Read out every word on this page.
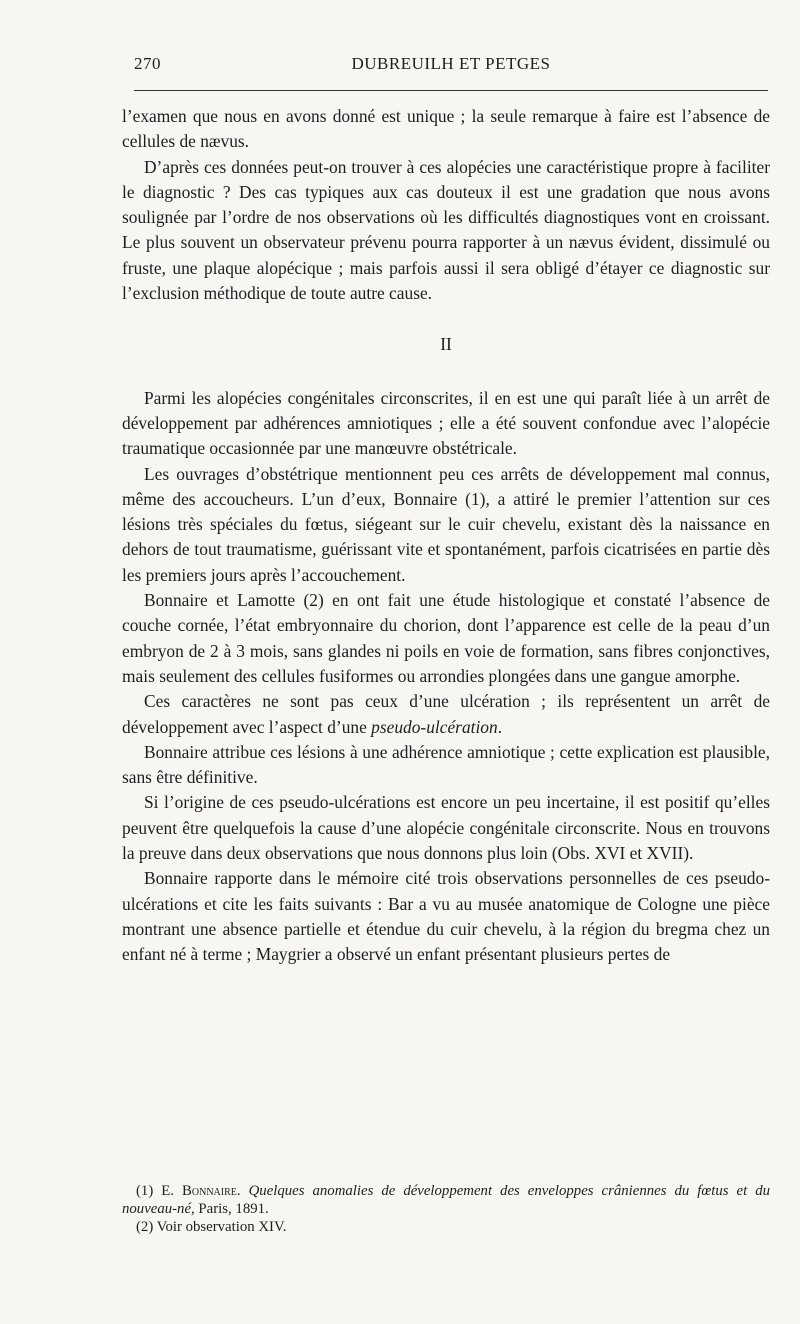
270	DUBREUILH ET PETGES

l’examen que nous en avons donné est unique ; la seule remarque à faire est l’absence de cellules de nævus.

D’après ces données peut-on trouver à ces alopécies une caractéristique propre à faciliter le diagnostic ? Des cas typiques aux cas douteux il est une gradation que nous avons soulignée par l’ordre de nos observations où les difficultés diagnostiques vont en croissant. Le plus souvent un observateur prévenu pourra rapporter à un nævus évident, dissimulé ou fruste, une plaque alopécique ; mais parfois aussi il sera obligé d’étayer ce diagnostic sur l’exclusion méthodique de toute autre cause.

II

Parmi les alopécies congénitales circonscrites, il en est une qui paraît liée à un arrêt de développement par adhérences amniotiques ; elle a été souvent confondue avec l’alopécie traumatique occasionnée par une manœuvre obstétricale.

Les ouvrages d’obstétrique mentionnent peu ces arrêts de développement mal connus, même des accoucheurs. L’un d’eux, Bonnaire (1), a attiré le premier l’attention sur ces lésions très spéciales du fœtus, siégeant sur le cuir chevelu, existant dès la naissance en dehors de tout traumatisme, guérissant vite et spontanément, parfois cicatrisées en partie dès les premiers jours après l’accouchement.

Bonnaire et Lamotte (2) en ont fait une étude histologique et constaté l’absence de couche cornée, l’état embryonnaire du chorion, dont l’apparence est celle de la peau d’un embryon de 2 à 3 mois, sans glandes ni poils en voie de formation, sans fibres conjonctives, mais seulement des cellules fusiformes ou arrondies plongées dans une gangue amorphe.

Ces caractères ne sont pas ceux d’une ulcération ; ils représentent un arrêt de développement avec l’aspect d’une pseudo-ulcération.

Bonnaire attribue ces lésions à une adhérence amniotique ; cette explication est plausible, sans être définitive.

Si l’origine de ces pseudo-ulcérations est encore un peu incertaine, il est positif qu’elles peuvent être quelquefois la cause d’une alopécie congénitale circonscrite. Nous en trouvons la preuve dans deux observations que nous donnons plus loin (Obs. XVI et XVII).

Bonnaire rapporte dans le mémoire cité trois observations personnelles de ces pseudo-ulcérations et cite les faits suivants : Bar a vu au musée anatomique de Cologne une pièce montrant une absence partielle et étendue du cuir chevelu, à la région du bregma chez un enfant né à terme ; Maygrier a observé un enfant présentant plusieurs pertes de

(1) E. Bonnaire. Quelques anomalies de développement des enveloppes crâniennes du fœtus et du nouveau-né, Paris, 1891.

(2) Voir observation XIV.
